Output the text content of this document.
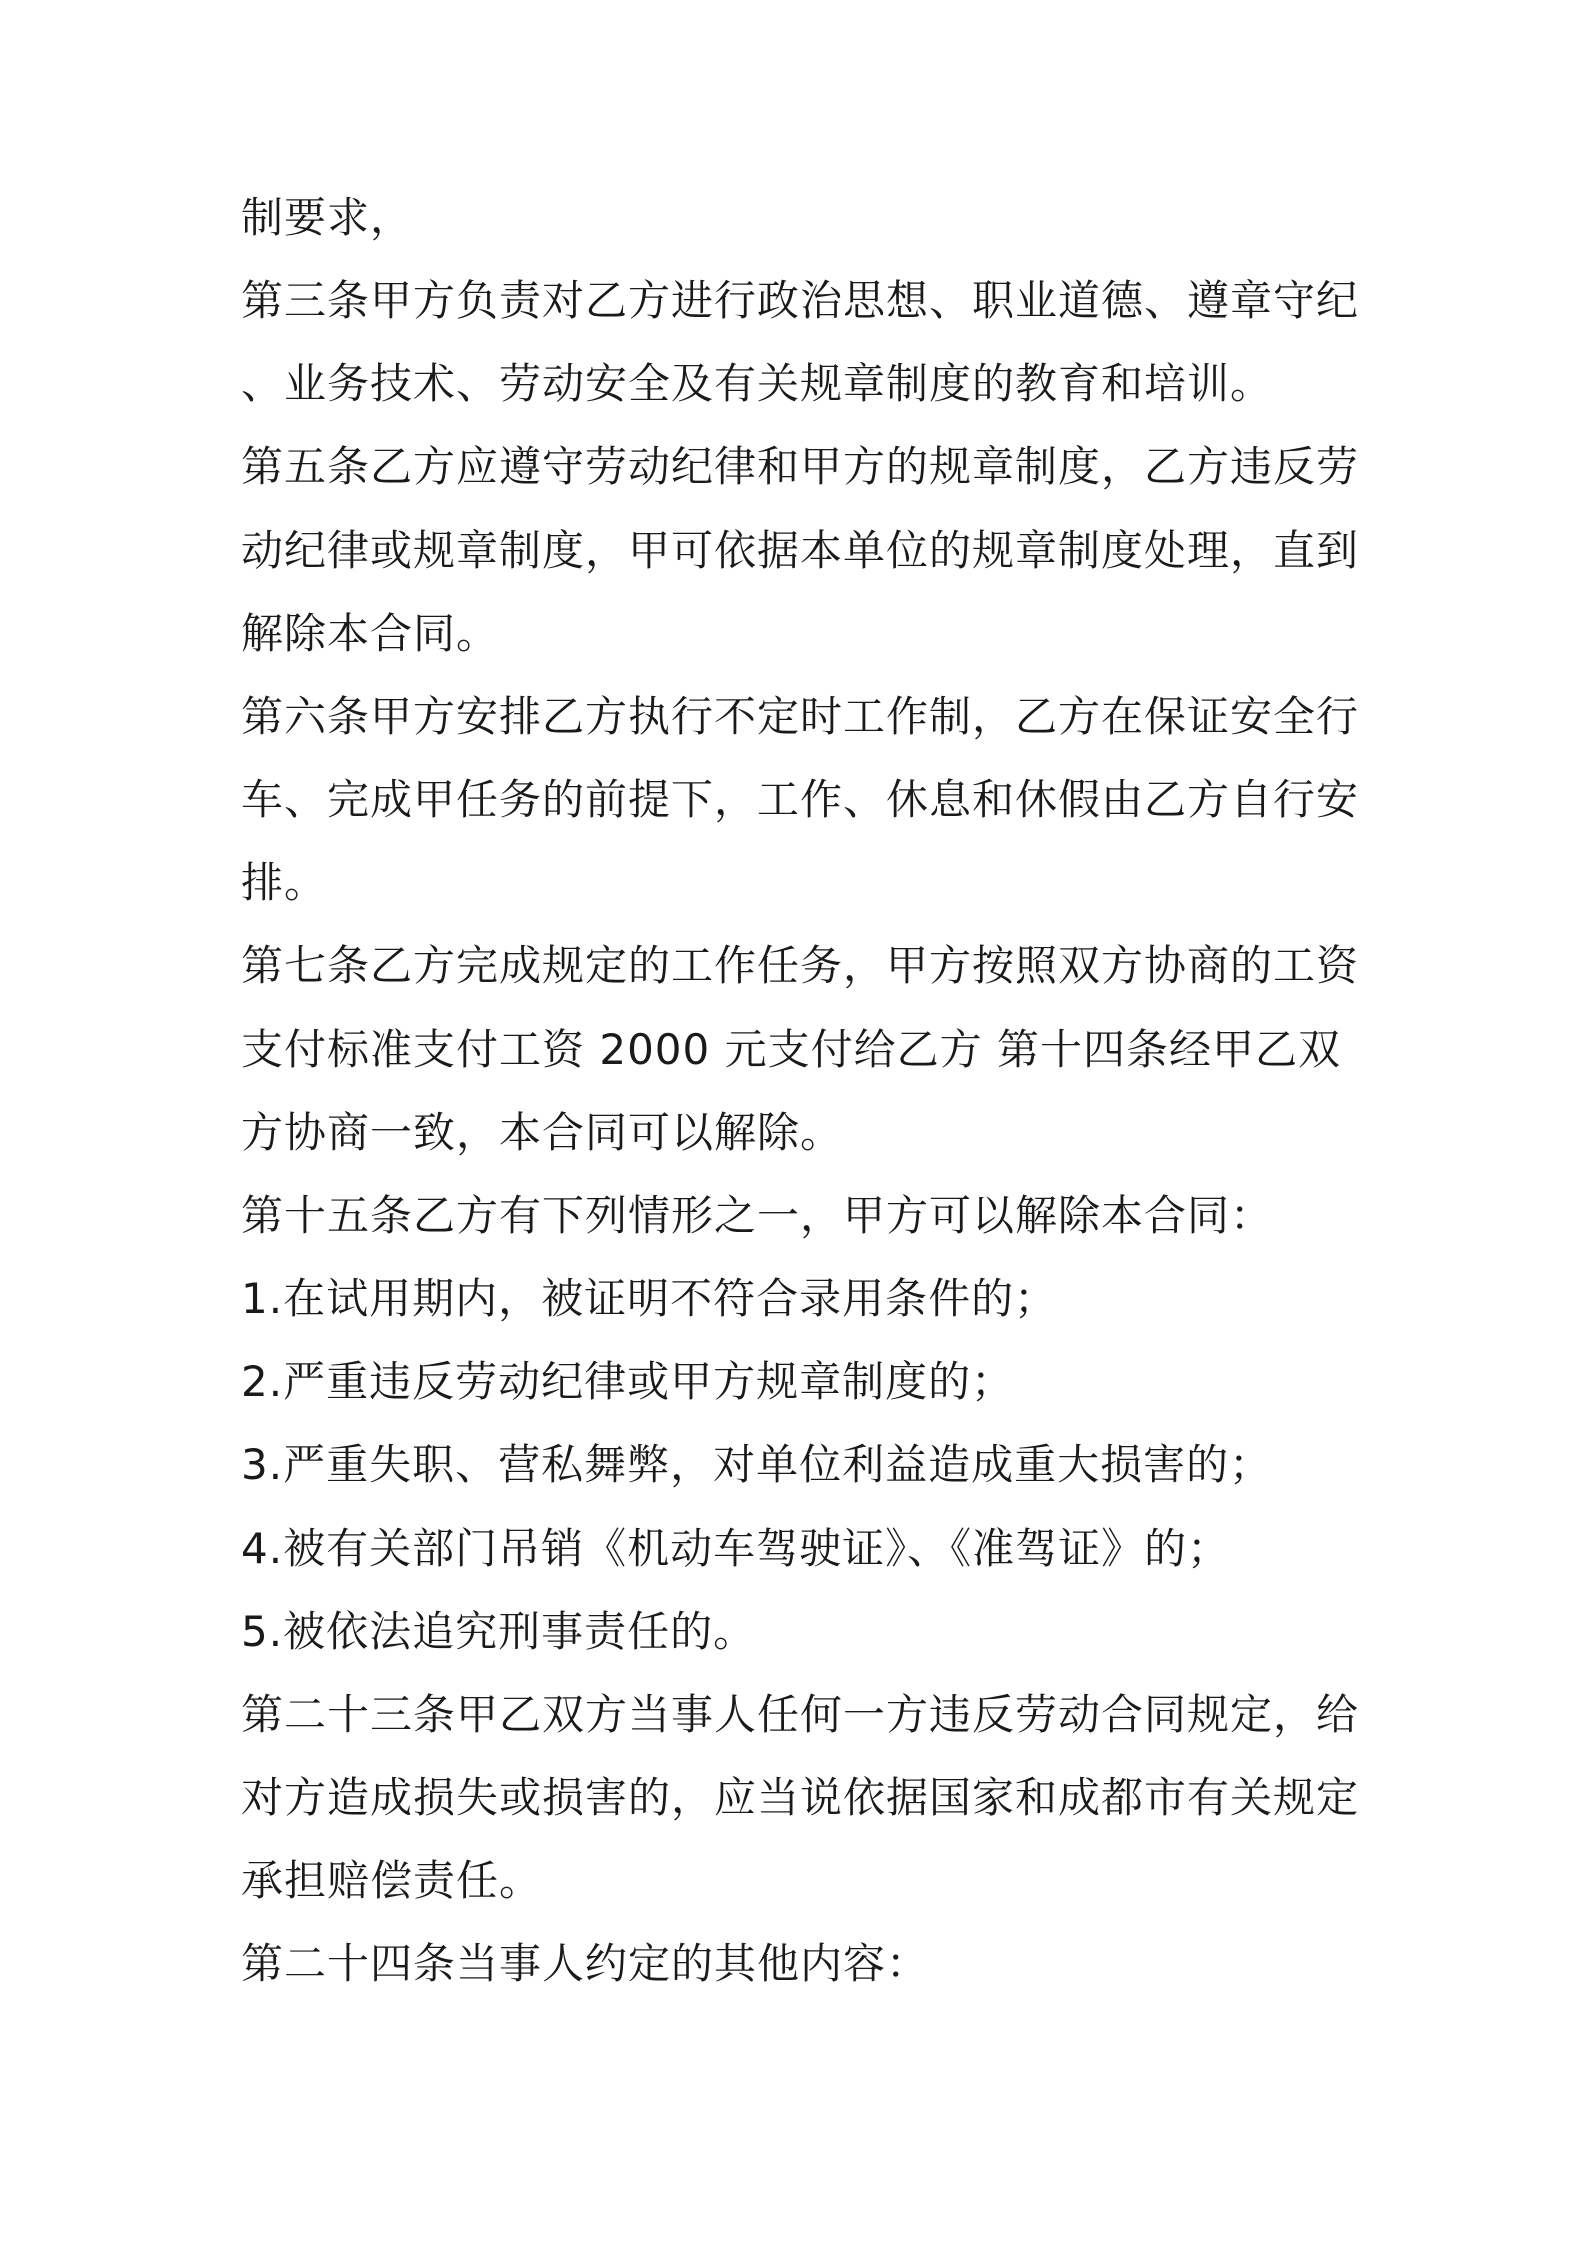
制要求，
第三条甲方负责对乙方进行政治思想、职业道德、遵章守纪
、业务技术、劳动安全及有关规章制度的教育和培训。
第五条乙方应遵守劳动纪律和甲方的规章制度，乙方违反劳
动纪律或规章制度，甲可依据本单位的规章制度处理，直到
解除本合同。
第六条甲方安排乙方执行不定时工作制，乙方在保证安全行
车、完成甲任务的前提下，工作、休息和休假由乙方自行安
排。
第七条乙方完成规定的工作任务，甲方按照双方协商的工资
支付标准支付工资 2000 元支付给乙方 第十四条经甲乙双
方协商一致，本合同可以解除。
第十五条乙方有下列情形之一，甲方可以解除本合同：
1.在试用期内，被证明不符合录用条件的；
2.严重违反劳动纪律或甲方规章制度的；
3.严重失职、营私舞弊，对单位利益造成重大损害的；
4.被有关部门吊销《机动车驾驶证》、《准驾证》的；
5.被依法追究刑事责任的。
第二十三条甲乙双方当事人任何一方违反劳动合同规定，给
对方造成损失或损害的，应当说依据国家和成都市有关规定
承担赔偿责任。
第二十四条当事人约定的其他内容：
